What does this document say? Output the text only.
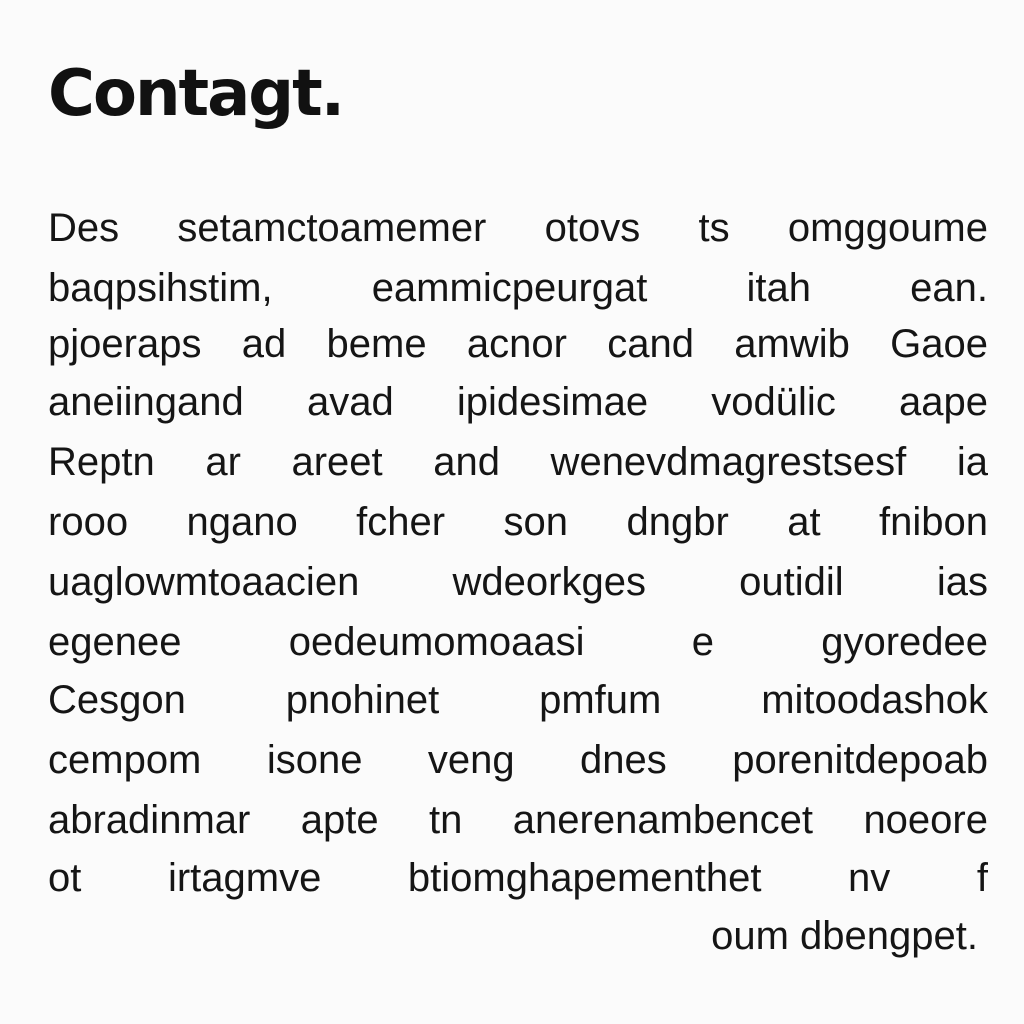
Contagt.

Des setamctoamemer otovs ts omggoume

baqpsihstim, eammicpeurgat itah ean.

pjoeraps ad beme acnor cand amwib Gaoe

aneiingand avad ipidesimae vodülic aape

Reptn ar areet and wenevdmagrestsesf ia

rooo ngano fcher son dngbr at fnibon

uaglowmtoaacien wdeorkges outidil ias

egenee oedeumomoaasi e gyoredee

Cesgon pnohinet pmfum mitoodashok

cempom isone veng dnes porenitdepoab

abradinmar apte tn anerenambencet noeore

ot irtagmve btiomghapementhet nv f

oum dbengpet.
